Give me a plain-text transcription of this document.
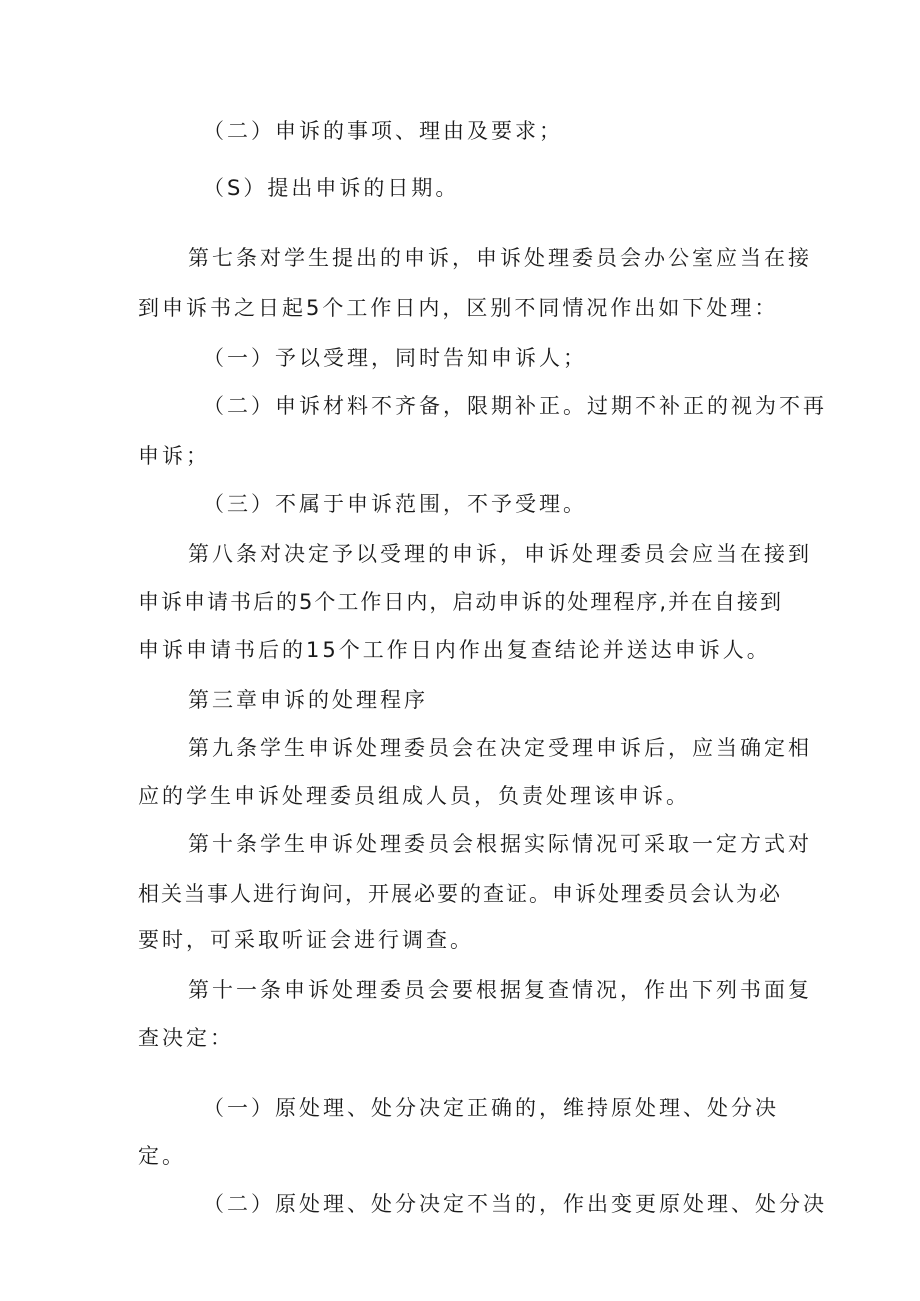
（二）申诉的事项、理由及要求；
（S）提出申诉的日期。
第七条对学生提出的申诉，申诉处理委员会办公室应当在接
到申诉书之日起5个工作日内，区别不同情况作出如下处理：
（一）予以受理，同时告知申诉人；
（二）申诉材料不齐备，限期补正。过期不补正的视为不再
申诉；
（三）不属于申诉范围，不予受理。
第八条对决定予以受理的申诉，申诉处理委员会应当在接到
申诉申请书后的5个工作日内，启动申诉的处理程序,并在自接到
申诉申请书后的15个工作日内作出复查结论并送达申诉人。
第三章申诉的处理程序
第九条学生申诉处理委员会在决定受理申诉后，应当确定相
应的学生申诉处理委员组成人员，负责处理该申诉。
第十条学生申诉处理委员会根据实际情况可采取一定方式对
相关当事人进行询问，开展必要的查证。申诉处理委员会认为必
要时，可采取听证会进行调查。
第十一条申诉处理委员会要根据复查情况，作出下列书面复
查决定：
（一）原处理、处分决定正确的，维持原处理、处分决
定。
（二）原处理、处分决定不当的，作出变更原处理、处分决
